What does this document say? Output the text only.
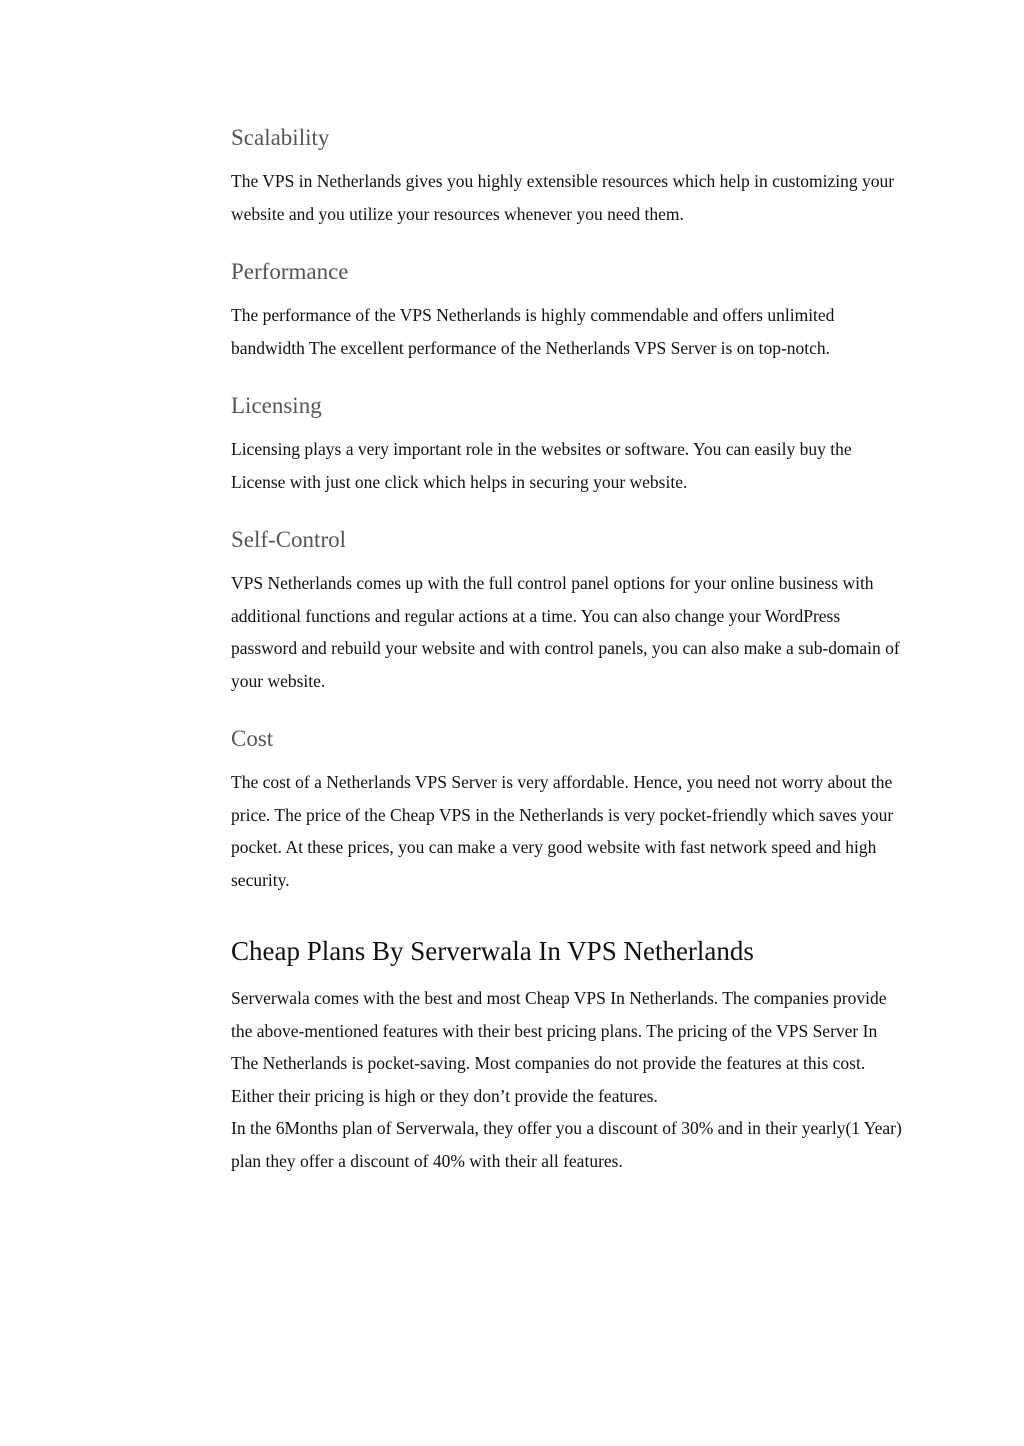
Scalability

The VPS in Netherlands gives you highly extensible resources which help in customizing your website and you utilize your resources whenever you need them.

Performance

The performance of the VPS Netherlands is highly commendable and offers unlimited bandwidth The excellent performance of the Netherlands VPS Server is on top-notch.

Licensing

Licensing plays a very important role in the websites or software. You can easily buy the License with just one click which helps in securing your website.

Self-Control

VPS Netherlands comes up with the full control panel options for your online business with additional functions and regular actions at a time. You can also change your WordPress password and rebuild your website and with control panels, you can also make a sub-domain of your website.

Cost

The cost of a Netherlands VPS Server is very affordable. Hence, you need not worry about the price. The price of the Cheap VPS in the Netherlands is very pocket-friendly which saves your pocket. At these prices, you can make a very good website with fast network speed and high security.

Cheap Plans By Serverwala In VPS Netherlands

Serverwala comes with the best and most Cheap VPS In Netherlands. The companies provide the above-mentioned features with their best pricing plans. The pricing of the VPS Server In The Netherlands is pocket-saving. Most companies do not provide the features at this cost. Either their pricing is high or they don’t provide the features.

In the 6Months plan of Serverwala, they offer you a discount of 30% and in their yearly(1 Year) plan they offer a discount of 40% with their all features.
